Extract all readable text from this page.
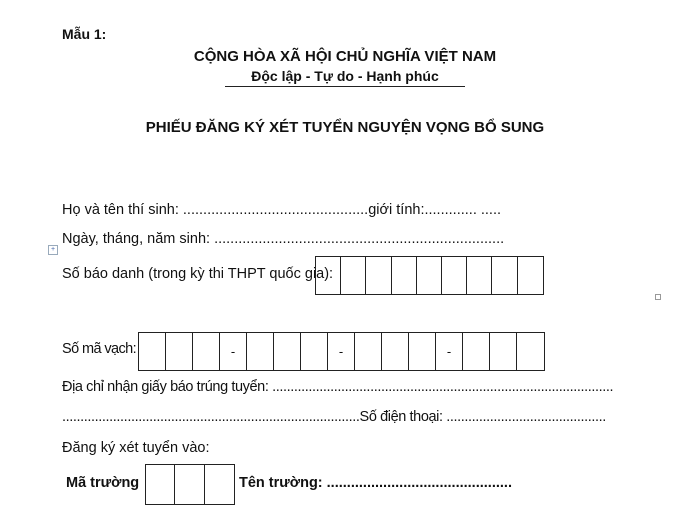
Mẫu 1:
CỘNG HÒA XÃ HỘI CHỦ NGHĨA VIỆT NAM
Độc lập - Tự do - Hạnh phúc
PHIẾU ĐĂNG KÝ XÉT TUYỂN NGUYỆN VỌNG BỔ SUNG
Họ và tên thí sinh: ..............................................giới tính:............. .....
Ngày, tháng, năm sinh: ........................................................................
+
Số báo danh (trong kỳ thi THPT quốc gia):
Số mã vạch:	-	-	-
Địa chỉ nhận giấy báo trúng tuyển: ..............................................................................................
..................................................................................Số điện thoại: ............................................
Đăng ký xét tuyển vào:
Mã trường	Tên trường: ..............................................
